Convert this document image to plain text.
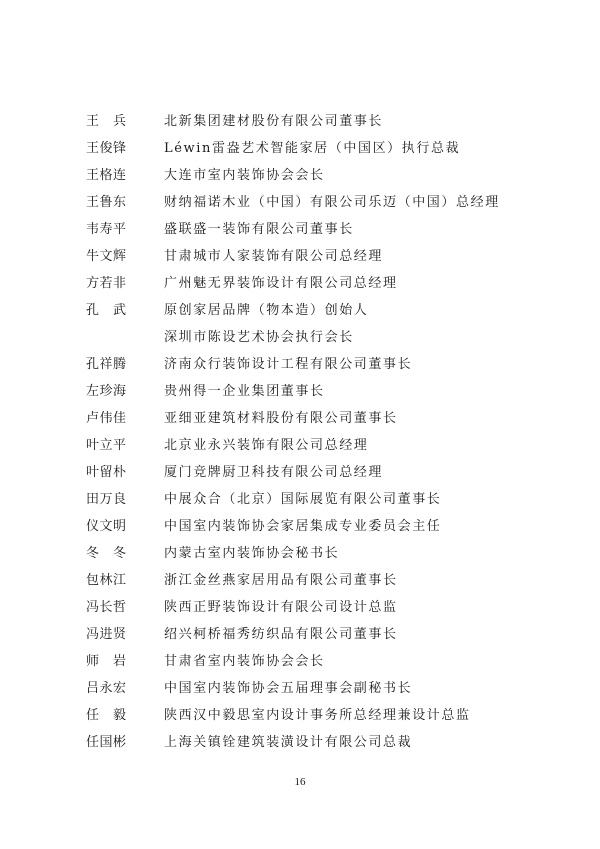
王　兵	北新集团建材股份有限公司董事长
王俊锋	Léwin雷盎艺术智能家居（中国区）执行总裁
王格连	大连市室内装饰协会会长
王鲁东	财纳福诺木业（中国）有限公司乐迈（中国）总经理
韦寿平	盛联盛一装饰有限公司董事长
牛文辉	甘肃城市人家装饰有限公司总经理
方若非	广州魅无界装饰设计有限公司总经理
孔　武	原创家居品牌（物本造）创始人
深圳市陈设艺术协会执行会长
孔祥腾	济南众行装饰设计工程有限公司董事长
左珍海	贵州得一企业集团董事长
卢伟佳	亚细亚建筑材料股份有限公司董事长
叶立平	北京业永兴装饰有限公司总经理
叶留朴	厦门竞牌厨卫科技有限公司总经理
田万良	中展众合（北京）国际展览有限公司董事长
仪文明	中国室内装饰协会家居集成专业委员会主任
冬　冬	内蒙古室内装饰协会秘书长
包林江	浙江金丝燕家居用品有限公司董事长
冯长哲	陕西正野装饰设计有限公司设计总监
冯进贤	绍兴柯桥福秀纺织品有限公司董事长
师　岩	甘肃省室内装饰协会会长
吕永宏	中国室内装饰协会五届理事会副秘书长
任　毅	陕西汉中毅思室内设计事务所总经理兼设计总监
任国彬	上海关镇铨建筑装潢设计有限公司总裁
16
